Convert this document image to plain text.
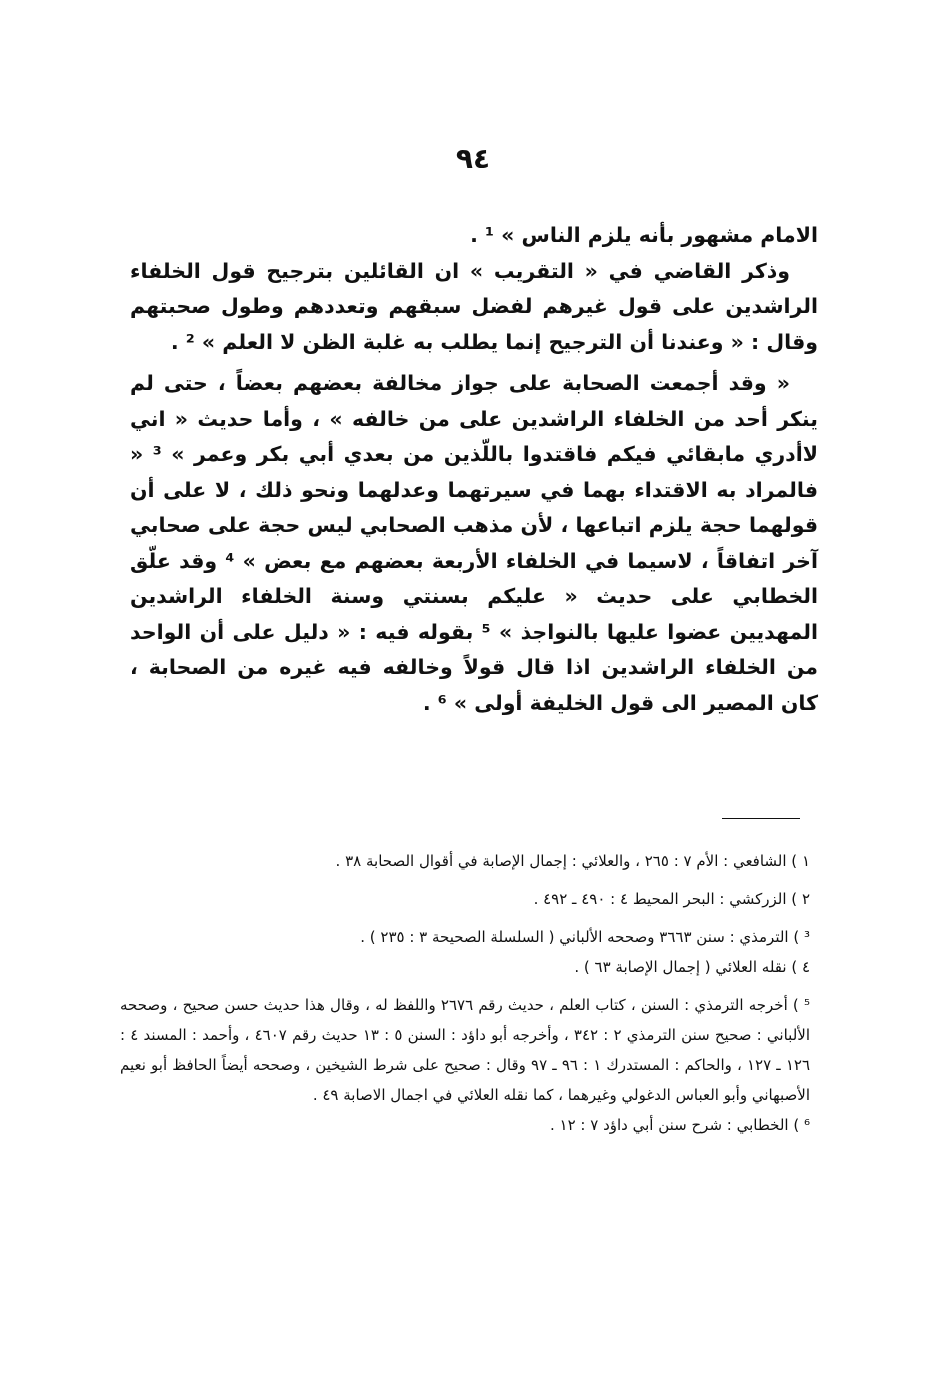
٩٤

الامام مشهور بأنه يلزم الناس » ¹ .

وذكر القاضي في « التقريب » ان القائلين بترجيح قول الخلفاء الراشدين على قول غيرهم لفضل سبقهم وتعددهم وطول صحبتهم وقال : « وعندنا أن الترجيح إنما يطلب به غلبة الظن لا العلم » ² .

« وقد أجمعت الصحابة على جواز مخالفة بعضهم بعضاً ، حتى لم ينكر أحد من الخلفاء الراشدين على من خالفه » ، وأما حديث « اني لاأدري مابقائي فيكم فاقتدوا باللّذين من بعدي أبي بكر وعمر » ³ « فالمراد به الاقتداء بهما في سيرتهما وعدلهما ونحو ذلك ، لا على أن قولهما حجة يلزم اتباعها ، لأن مذهب الصحابي ليس حجة على صحابي آخر اتفاقاً ، لاسيما في الخلفاء الأربعة بعضهم مع بعض » ⁴ وقد علّق الخطابي على حديث « عليكم بسنتي وسنة الخلفاء الراشدين المهديين عضوا عليها بالنواجذ » ⁵ بقوله فيه : « دليل على أن الواحد من الخلفاء الراشدين اذا قال قولاً وخالفه فيه غيره من الصحابة ، كان المصير الى قول الخليفة أولى » ⁶ .

١ ) الشافعي : الأم ٧ : ٢٦٥ ، والعلائي : إجمال الإصابة في أقوال الصحابة ٣٨ .

٢ ) الزركشي : البحر المحيط ٤ : ٤٩٠ ـ ٤٩٢ .

³ ) الترمذي : سنن ٣٦٦٣ وصححه الألباني ( السلسلة الصحيحة ٣ : ٢٣٥ ) .

٤ ) نقله العلائي ( إجمال الإصابة ٦٣ ) .

⁵ ) أخرجه الترمذي : السنن ، كتاب العلم ، حديث رقم ٢٦٧٦ واللفظ له ، وقال هذا حديث حسن صحيح ، وصححه الألباني : صحيح سنن الترمذي ٢ : ٣٤٢ ، وأخرجه أبو داؤد : السنن ٥ : ١٣ حديث رقم ٤٦٠٧ ، وأحمد : المسند ٤ : ١٢٦ ـ ١٢٧ ، والحاكم : المستدرك ١ : ٩٦ ـ ٩٧ وقال : صحيح على شرط الشيخين ، وصححه أيضاً الحافظ أبو نعيم الأصبهاني وأبو العباس الدغولي وغيرهما ، كما نقله العلائي في اجمال الاصابة ٤٩ .

⁶ ) الخطابي : شرح سنن أبي داؤد ٧ : ١٢ .
